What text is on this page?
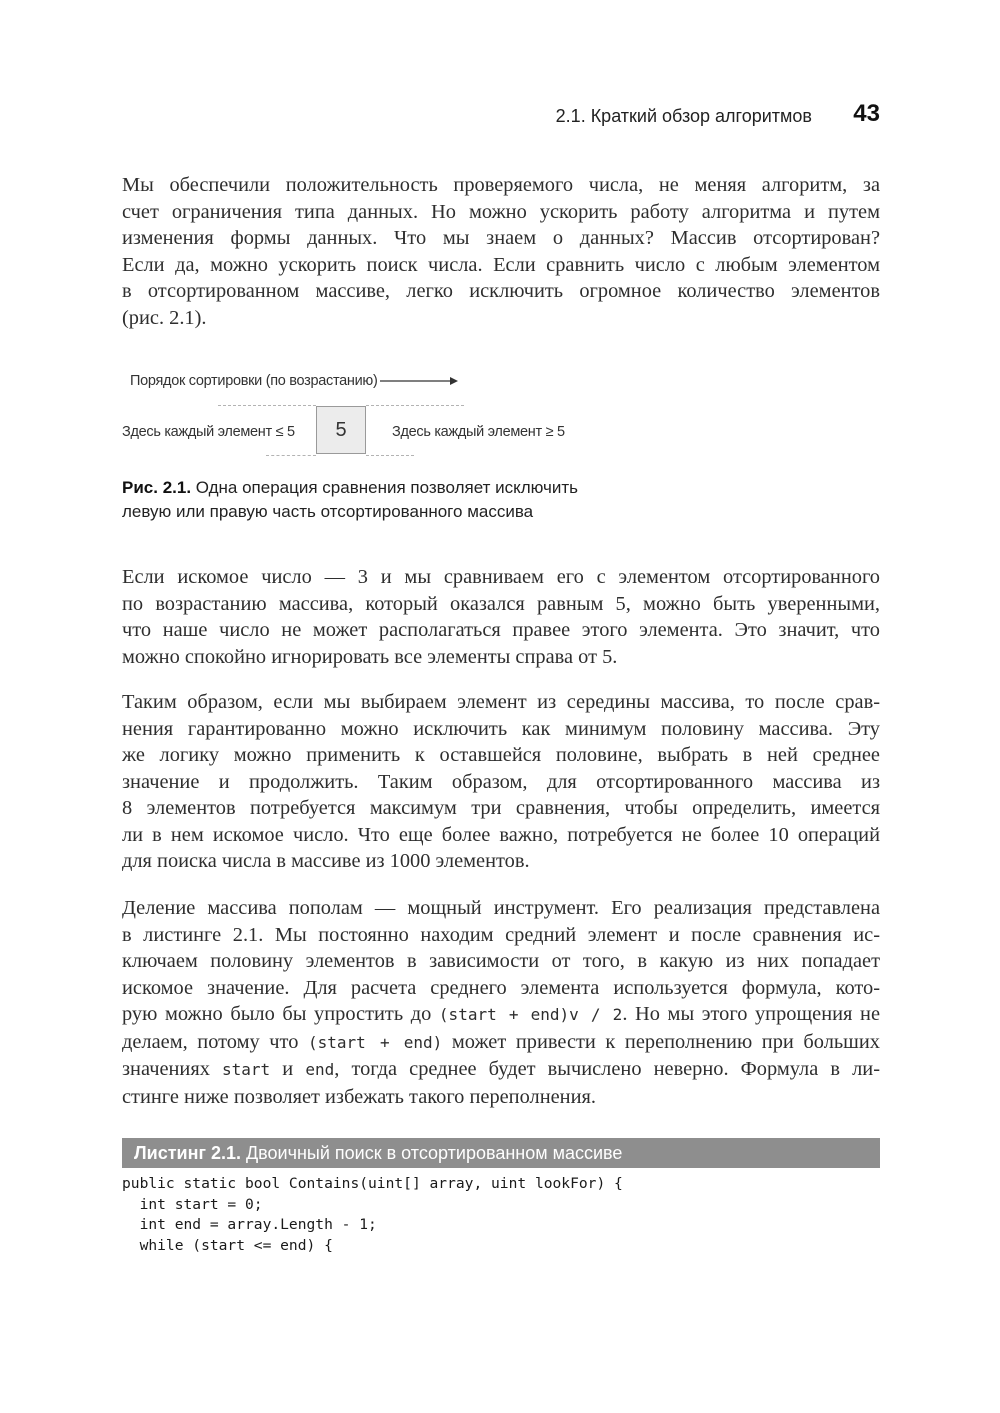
2.1. Краткий обзор алгоритмов 43
Мы обеспечили положительность проверяемого числа, не меняя алгоритм, за
счет ограничения типа данных. Но можно ускорить работу алгоритма и путем
изменения формы данных. Что мы знаем о данных? Массив отсортирован?
Если да, можно ускорить поиск числа. Если сравнить число с любым элементом
в отсортированном массиве, легко исключить огромное количество элементов
(рис. 2.1).
Порядок сортировки (по возрастанию)
Здесь каждый элемент ≤ 5	5	Здесь каждый элемент ≥ 5
Рис. 2.1. Одна операция сравнения позволяет исключить
левую или правую часть отсортированного массива
Если искомое число — 3 и мы сравниваем его с элементом отсортированного
по возрастанию массива, который оказался равным 5, можно быть уверенными,
что наше число не может располагаться правее этого элемента. Это значит, что
можно спокойно игнорировать все элементы справа от 5.
Таким образом, если мы выбираем элемент из середины массива, то после срав-
нения гарантированно можно исключить как минимум половину массива. Эту
же логику можно применить к оставшейся половине, выбрать в ней среднее
значение и продолжить. Таким образом, для отсортированного массива из
8 элементов потребуется максимум три сравнения, чтобы определить, имеется
ли в нем искомое число. Что еще более важно, потребуется не более 10 операций
для поиска числа в массиве из 1000 элементов.
Деление массива пополам — мощный инструмент. Его реализация представлена
в листинге 2.1. Мы постоянно находим средний элемент и после сравнения ис-
ключаем половину элементов в зависимости от того, в какую из них попадает
искомое значение. Для расчета среднего элемента используется формула, кото-
рую можно было бы упростить до (start + end)v / 2. Но мы этого упрощения не
делаем, потому что (start + end) может привести к переполнению при больших
значениях start и end, тогда среднее будет вычислено неверно. Формула в ли-
стинге ниже позволяет избежать такого переполнения.
Листинг 2.1. Двоичный поиск в отсортированном массиве
public static bool Contains(uint[] array, uint lookFor) {
int start = 0;
int end = array.Length - 1;
while (start <= end) {
